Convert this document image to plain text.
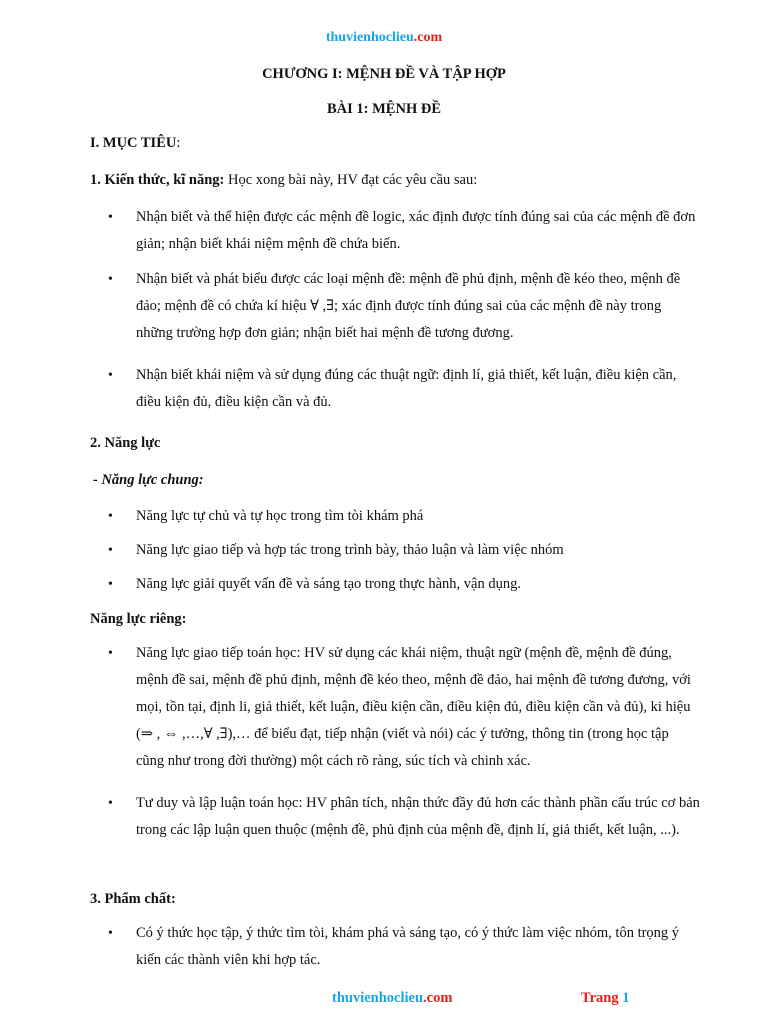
thuvienhoclieu.com
CHƯƠNG I: MỆNH ĐỀ VÀ TẬP HỢP
BÀI 1: MỆNH ĐỀ
I. MỤC TIÊU:
1. Kiến thức, kĩ năng: Học xong bài này, HV đạt các yêu cầu sau:
• Nhận biết và thể hiện được các mệnh đề logic, xác định được tính đúng sai của các mệnh đề đơn giản; nhận biết khái niệm mệnh đề chứa biến.
• Nhận biết và phát biểu được các loại mệnh đề: mệnh đề phủ định, mệnh đề kéo theo, mệnh đề đảo; mệnh đề có chứa kí hiệu ∀ ,∃; xác định được tính đúng sai của các mệnh đề này trong những trường hợp đơn giản; nhận biết hai mệnh đề tương đương.
• Nhận biết khái niệm và sử dụng đúng các thuật ngữ: định lí, giả thiết, kết luận, điều kiện cần, điều kiện đủ, điều kiện cần và đủ.
2. Năng lực
- Năng lực chung:
• Năng lực tự chủ và tự học trong tìm tòi khám phá
• Năng lực giao tiếp và hợp tác trong trình bày, thảo luận và làm việc nhóm
• Năng lực giải quyết vấn đề và sáng tạo trong thực hành, vận dụng.
Năng lực riêng:
• Năng lực giao tiếp toán học: HV sử dụng các khái niệm, thuật ngữ (mệnh đề, mệnh đề đúng, mệnh đề sai, mệnh đề phủ định, mệnh đề kéo theo, mệnh đề đảo, hai mệnh đề tương đương, với mọi, tồn tại, định li, giả thiết, kết luận, điều kiện cần, điều kiện đủ, điều kiện cần và đủ), ki hiệu (⇒ , ⇔ ,…,∀ ,∃),… để biểu đạt, tiếp nhận (viết và nói) các ý tưởng, thông tin (trong học tập cũng như trong đời thường) một cách rõ ràng, súc tích và chinh xác.
• Tư duy và lập luận toán học: HV phân tích, nhận thức đầy đủ hơn các thành phần cấu trúc cơ bản trong các lập luận quen thuộc (mệnh đề, phủ định của mệnh đề, định lí, giả thiết, kết luận, ...).
3. Phẩm chất:
• Có ý thức học tập, ý thức tìm tòi, khám phá và sáng tạo, có ý thức làm việc nhóm, tôn trọng ý kiến các thành viên khi hợp tác.
thuvienhoclieu.com	Trang 1
